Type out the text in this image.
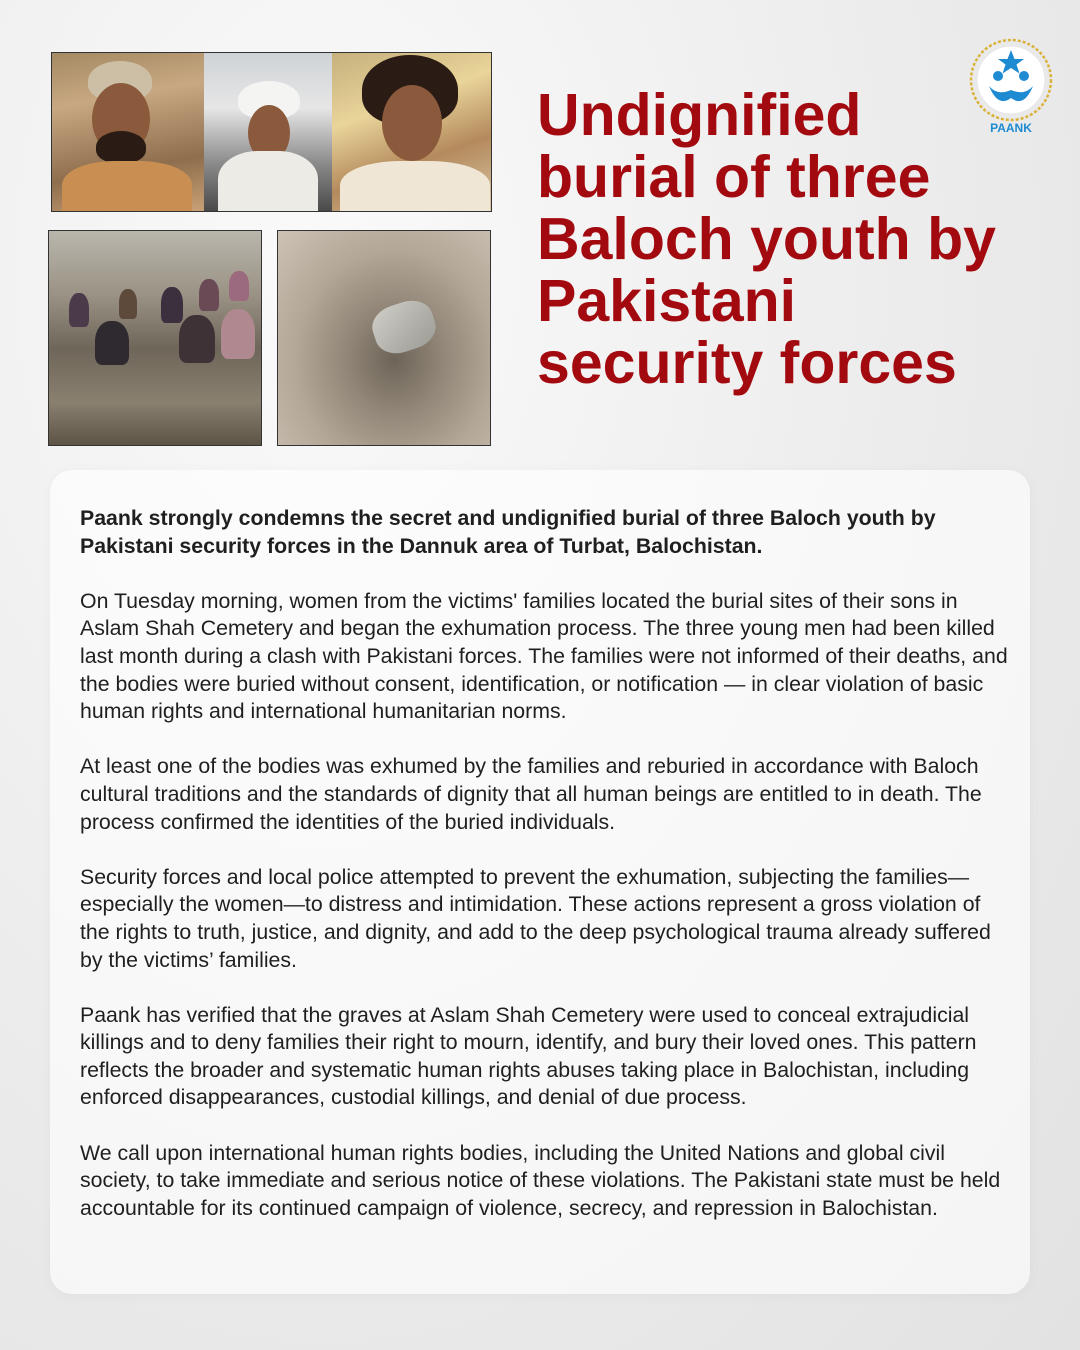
Undignified burial of three Baloch youth by Pakistani security forces
PAANK

Paank strongly condemns the secret and undignified burial of three Baloch youth by Pakistani security forces in the Dannuk area of Turbat, Balochistan.

On Tuesday morning, women from the victims' families located the burial sites of their sons in Aslam Shah Cemetery and began the exhumation process. The three young men had been killed last month during a clash with Pakistani forces. The families were not informed of their deaths, and the bodies were buried without consent, identification, or notification — in clear violation of basic human rights and international humanitarian norms.

At least one of the bodies was exhumed by the families and reburied in accordance with Baloch cultural traditions and the standards of dignity that all human beings are entitled to in death. The process confirmed the identities of the buried individuals.

Security forces and local police attempted to prevent the exhumation, subjecting the families—especially the women—to distress and intimidation. These actions represent a gross violation of the rights to truth, justice, and dignity, and add to the deep psychological trauma already suffered by the victims’ families.

Paank has verified that the graves at Aslam Shah Cemetery were used to conceal extrajudicial killings and to deny families their right to mourn, identify, and bury their loved ones. This pattern reflects the broader and systematic human rights abuses taking place in Balochistan, including enforced disappearances, custodial killings, and denial of due process.

We call upon international human rights bodies, including the United Nations and global civil society, to take immediate and serious notice of these violations. The Pakistani state must be held accountable for its continued campaign of violence, secrecy, and repression in Balochistan.
